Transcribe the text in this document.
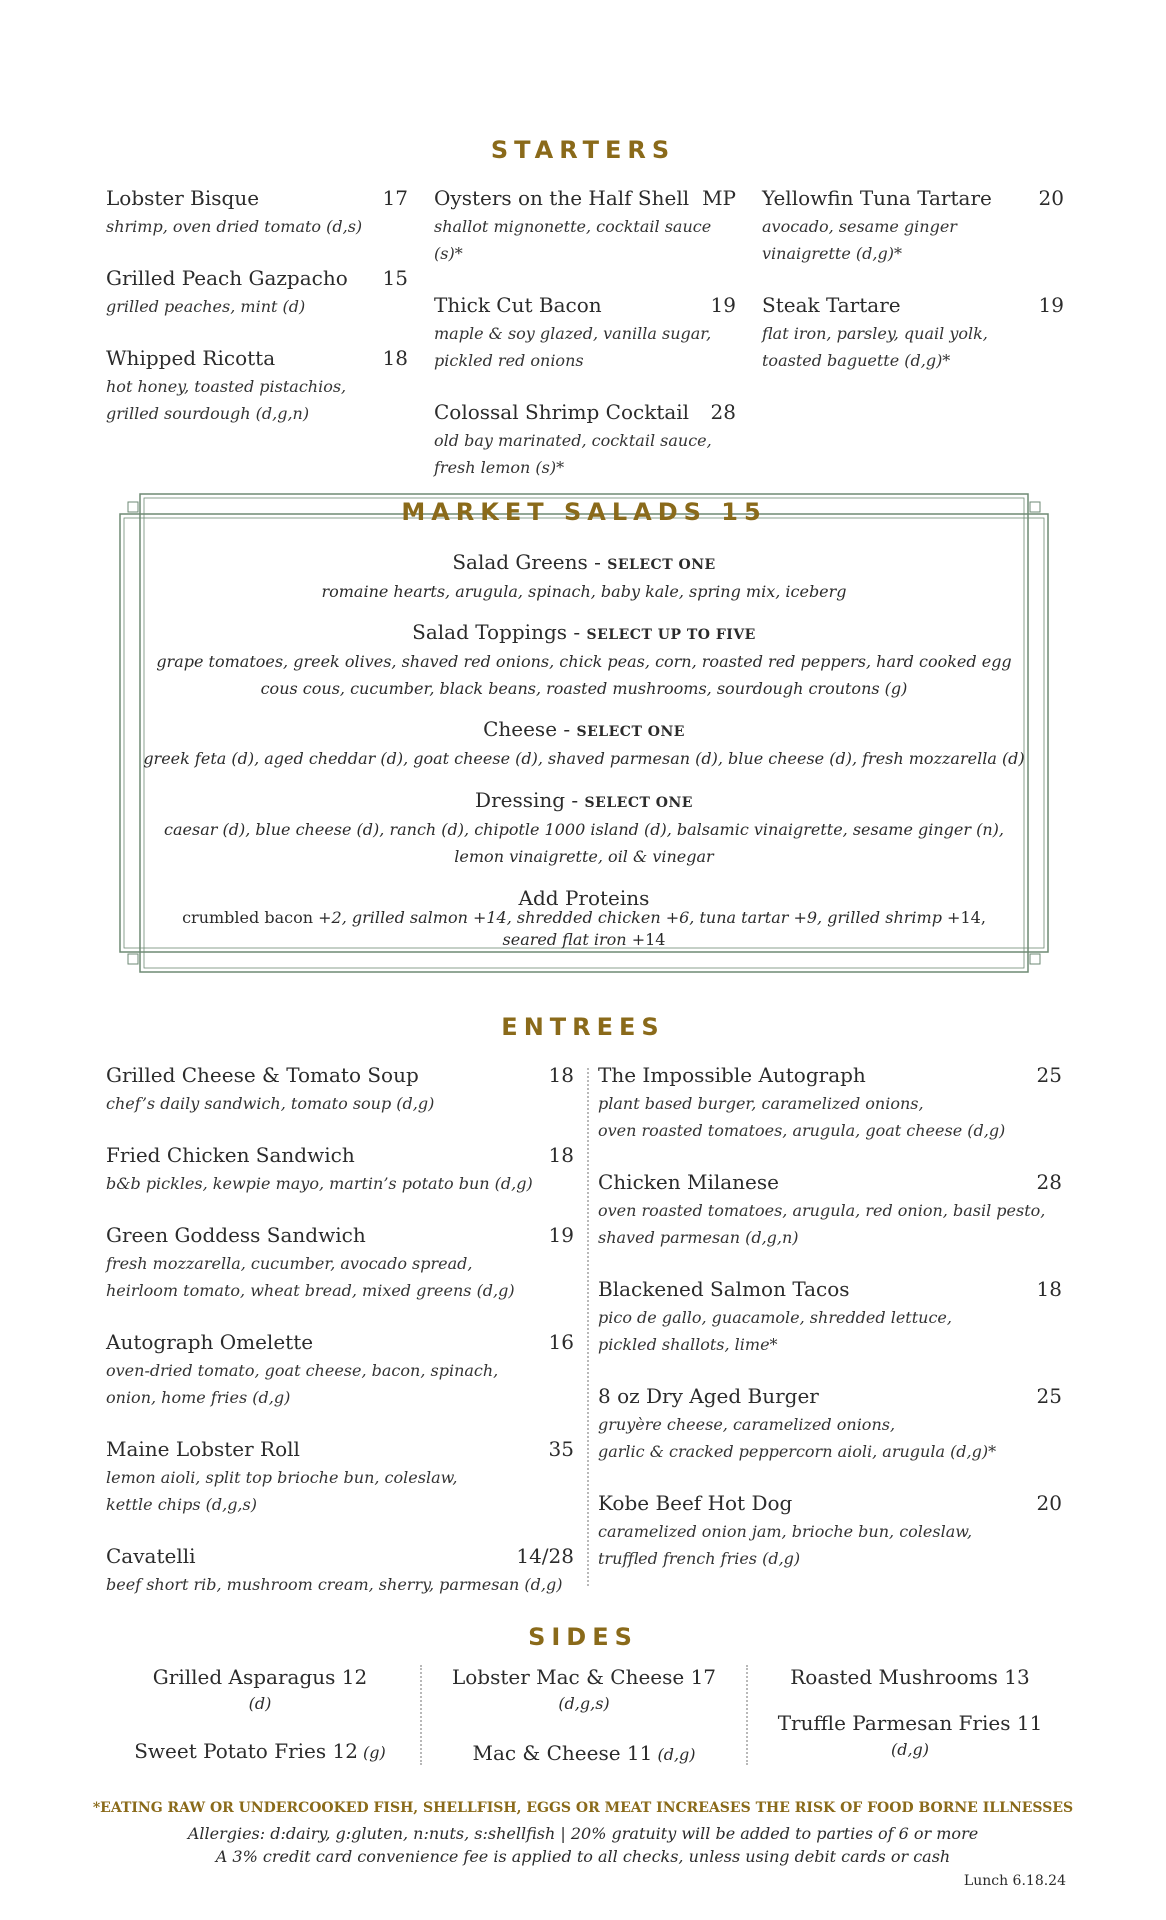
STARTERS
Lobster Bisque	17
shrimp, oven dried tomato (d,s)
Grilled Peach Gazpacho 15
grilled peaches, mint (d)
Whipped Ricotta	18
hot honey, toasted pistachios,
grilled sourdough (d,g,n)
Oysters on the Half Shell MP
shallot mignonette, cocktail sauce (s)*
Thick Cut Bacon	19
maple & soy glazed, vanilla sugar,
pickled red onions
Colossal Shrimp Cocktail 28
old bay marinated, cocktail sauce,
fresh lemon (s)*
Yellowfin Tuna Tartare 20
avocado, sesame ginger
vinaigrette (d,g)*
Steak Tartare	19
flat iron, parsley, quail yolk,
toasted baguette (d,g)*
MARKET SALADS 15
Salad Greens - SELECT ONE
romaine hearts, arugula, spinach, baby kale, spring mix, iceberg
Salad Toppings - SELECT UP TO FIVE
grape tomatoes, greek olives, shaved red onions, chick peas, corn, roasted red peppers, hard cooked egg
cous cous, cucumber, black beans, roasted mushrooms, sourdough croutons (g)
Cheese - SELECT ONE
greek feta (d), aged cheddar (d), goat cheese (d), shaved parmesan (d), blue cheese (d), fresh mozzarella (d)
Dressing - SELECT ONE
caesar (d), blue cheese (d), ranch (d), chipotle 1000 island (d), balsamic vinaigrette, sesame ginger (n),
lemon vinaigrette, oil & vinegar
Add Proteins
crumbled bacon +2, grilled salmon +14, shredded chicken +6, tuna tartar +9, grilled shrimp +14,
seared flat iron +14
ENTREES
Grilled Cheese & Tomato Soup	18
chef’s daily sandwich, tomato soup (d,g)
Fried Chicken Sandwich	18
b&b pickles, kewpie mayo, martin’s potato bun (d,g)
Green Goddess Sandwich	19
fresh mozzarella, cucumber, avocado spread,
heirloom tomato, wheat bread, mixed greens (d,g)
Autograph Omelette	16
oven-dried tomato, goat cheese, bacon, spinach,
onion, home fries (d,g)
Maine Lobster Roll	35
lemon aioli, split top brioche bun, coleslaw,
kettle chips (d,g,s)
Cavatelli	14/28
beef short rib, mushroom cream, sherry, parmesan (d,g)
The Impossible Autograph	25
plant based burger, caramelized onions,
oven roasted tomatoes, arugula, goat cheese (d,g)
Chicken Milanese	28
oven roasted tomatoes, arugula, red onion, basil pesto,
shaved parmesan (d,g,n)
Blackened Salmon Tacos	18
pico de gallo, guacamole, shredded lettuce,
pickled shallots, lime*
8 oz Dry Aged Burger	25
gruyère cheese, caramelized onions,
garlic & cracked peppercorn aioli, arugula (d,g)*
Kobe Beef Hot Dog	20
caramelized onion jam, brioche bun, coleslaw,
truffled french fries (d,g)
SIDES
Grilled Asparagus 12
(d)
Sweet Potato Fries 12 (g)
Lobster Mac & Cheese 17
(d,g,s)
Mac & Cheese 11 (d,g)
Roasted Mushrooms 13
Truffle Parmesan Fries 11
(d,g)
*EATING RAW OR UNDERCOOKED FISH, SHELLFISH, EGGS OR MEAT INCREASES THE RISK OF FOOD BORNE ILLNESSES
Allergies: d:dairy, g:gluten, n:nuts, s:shellfish | 20% gratuity will be added to parties of 6 or more
A 3% credit card convenience fee is applied to all checks, unless using debit cards or cash
Lunch 6.18.24
